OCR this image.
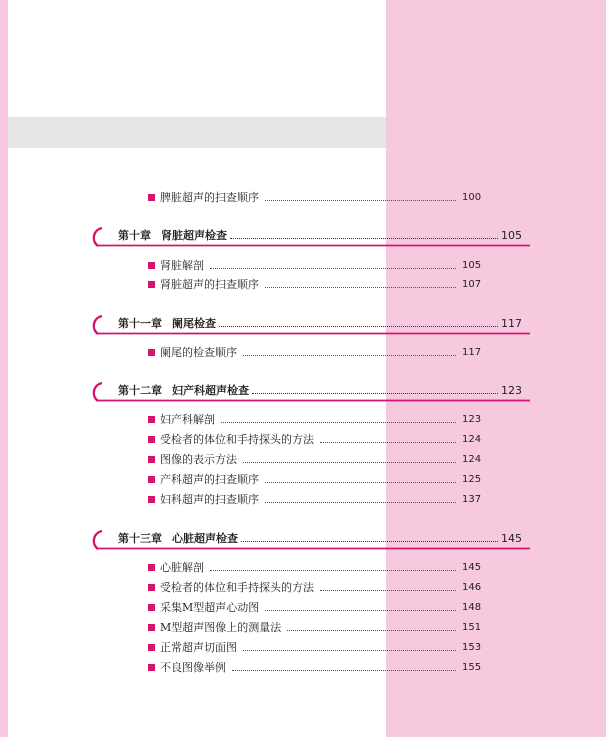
脾脏超声的扫查顺序	100
第十章 肾脏超声检查	105
肾脏解剖	105
肾脏超声的扫查顺序	107
第十一章 阑尾检查	117
阑尾的检查顺序	117
第十二章 妇产科超声检查	123
妇产科解剖	123
受检者的体位和手持探头的方法	124
图像的表示方法	124
产科超声的扫查顺序	125
妇科超声的扫查顺序	137
第十三章 心脏超声检查	145
心脏解剖	145
受检者的体位和手持探头的方法	146
采集M型超声心动图	148
M型超声图像上的测量法	151
正常超声切面图	153
不良图像举例	155
